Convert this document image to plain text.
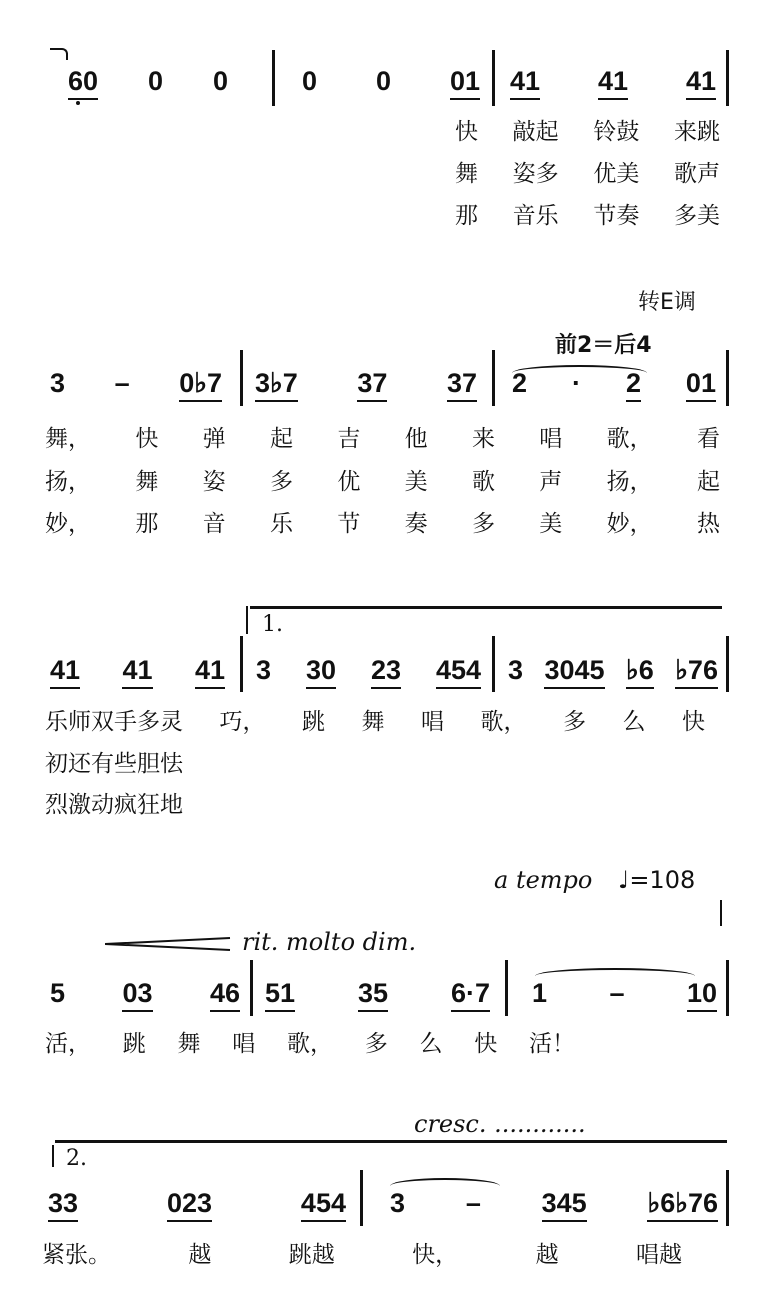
60 0 0	0 0 01 41 41 41
快 敲起 铃鼓 来跳
舞 姿多 优美 歌声
那 音乐 节奏 多美
转E调
前2＝后4
3 – 0♭7 3♭7 37 37 2 · 2 01
舞， 快 弹 起 吉 他 来 唱 歌， 看
扬， 舞 姿 多 优 美 歌 声 扬， 起
妙， 那 音 乐 节 奏 多 美 妙， 热
1.
41 41 41 3 30 23 454 3 3045 ♭6 ♭76
乐师双手多灵 巧， 跳 舞 唱 歌， 多 么 快
初还有些胆怯
烈激动疯狂地
a tempo ♩=108
rit. molto dim.
5 03 46 51 35 6·7 1 – 10
活， 跳 舞 唱 歌， 多 么 快 活！
cresc. ............
2.
33	023	454 3 – 345 ♭6♭76
紧张。	越	跳越	快，	越	唱越
